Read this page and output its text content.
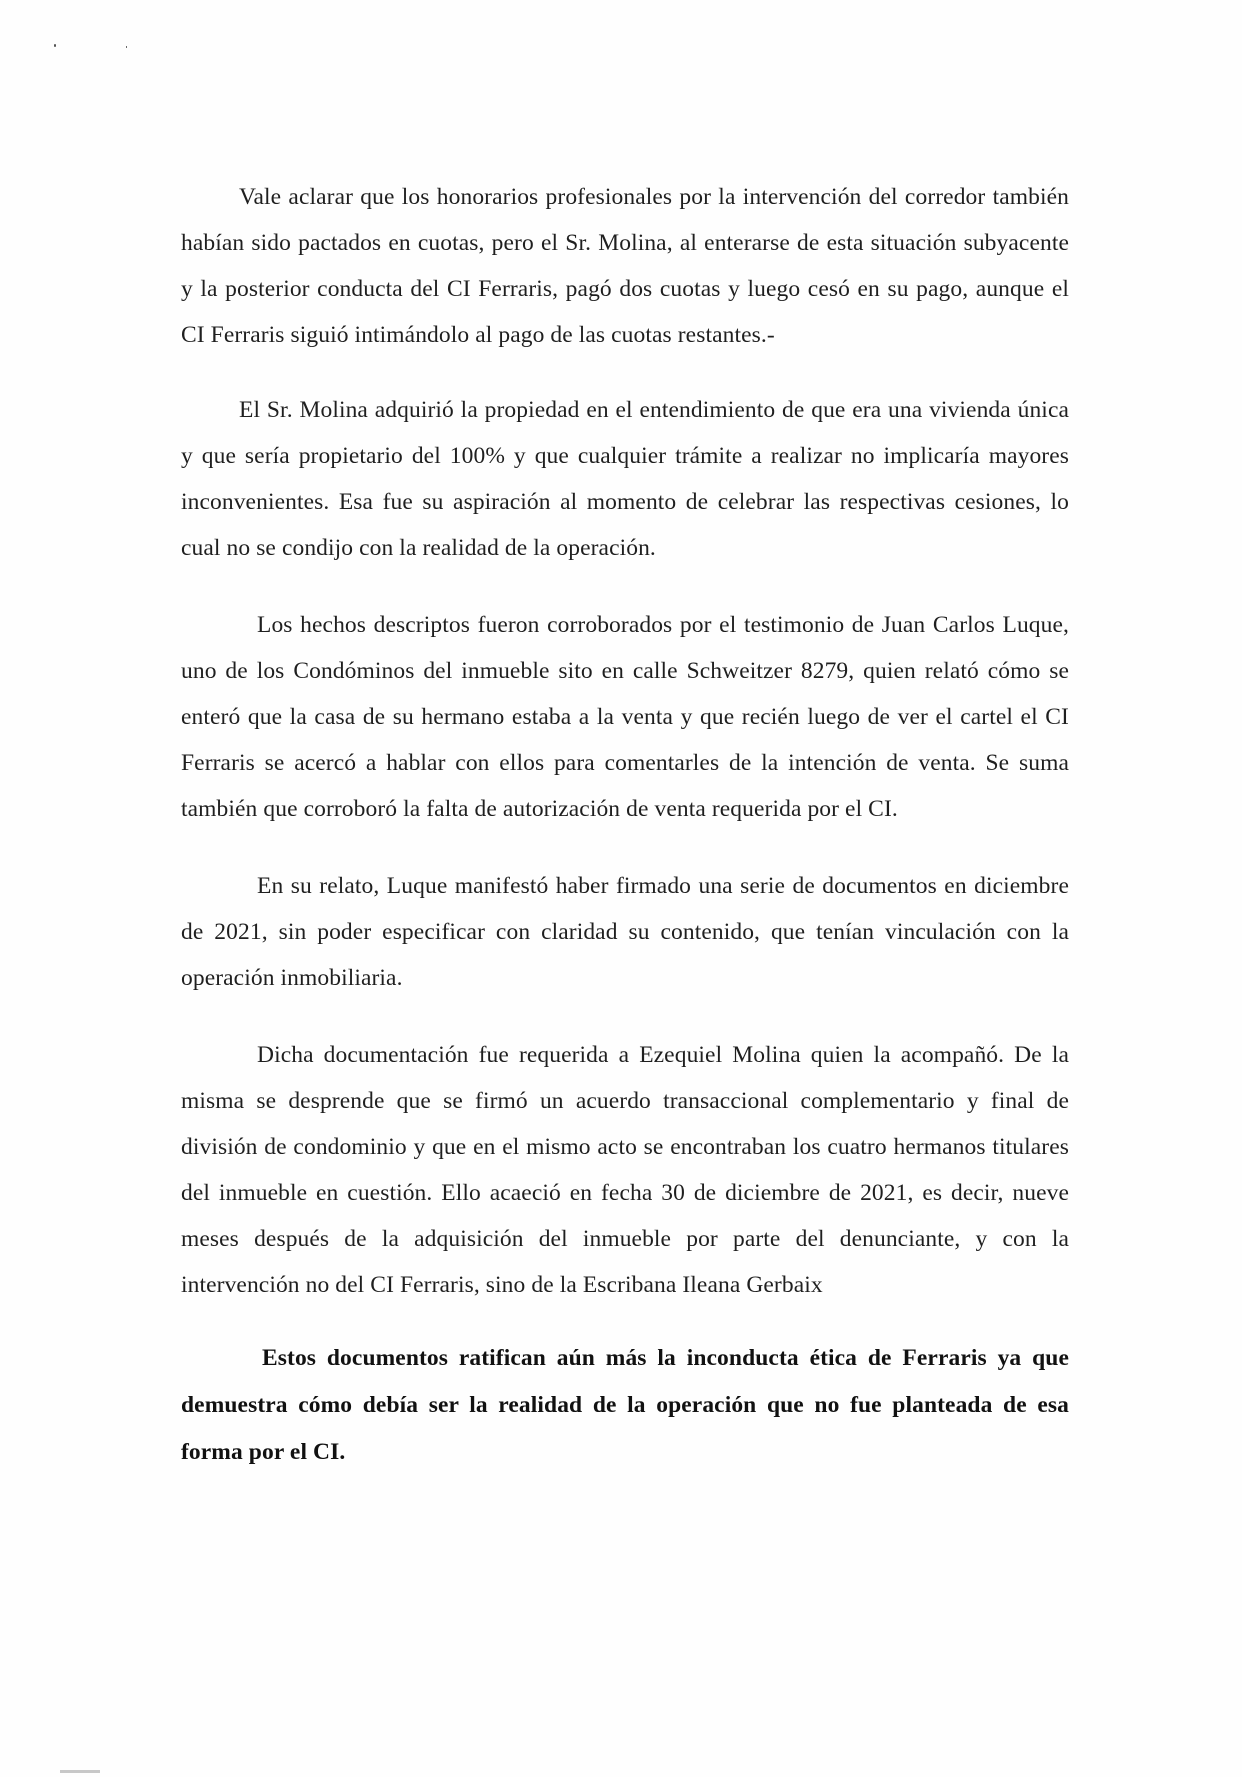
Vale aclarar que los honorarios profesionales por la intervención del corredor también habían sido pactados en cuotas, pero el Sr. Molina, al enterarse de esta situación subyacente y la posterior conducta del CI Ferraris, pagó dos cuotas y luego cesó en su pago, aunque el CI Ferraris siguió intimándolo al pago de las cuotas restantes.-

El Sr. Molina adquirió la propiedad en el entendimiento de que era una vivienda única y que sería propietario del 100% y que cualquier trámite a realizar no implicaría mayores inconvenientes. Esa fue su aspiración al momento de celebrar las respectivas cesiones, lo cual no se condijo con la realidad de la operación.

Los hechos descriptos fueron corroborados por el testimonio de Juan Carlos Luque, uno de los Condóminos del inmueble sito en calle Schweitzer 8279, quien relató cómo se enteró que la casa de su hermano estaba a la venta y que recién luego de ver el cartel el CI Ferraris se acercó a hablar con ellos para comentarles de la intención de venta. Se suma también que corroboró la falta de autorización de venta requerida por el CI.

En su relato, Luque manifestó haber firmado una serie de documentos en diciembre de 2021, sin poder especificar con claridad su contenido, que tenían vinculación con la operación inmobiliaria.

Dicha documentación fue requerida a Ezequiel Molina quien la acompañó. De la misma se desprende que se firmó un acuerdo transaccional complementario y final de división de condominio y que en el mismo acto se encontraban los cuatro hermanos titulares del inmueble en cuestión. Ello acaeció en fecha 30 de diciembre de 2021, es decir, nueve meses después de la adquisición del inmueble por parte del denunciante, y con la intervención no del CI Ferraris, sino de la Escribana Ileana Gerbaix

Estos documentos ratifican aún más la inconducta ética de Ferraris ya que demuestra cómo debía ser la realidad de la operación que no fue planteada de esa forma por el CI.
